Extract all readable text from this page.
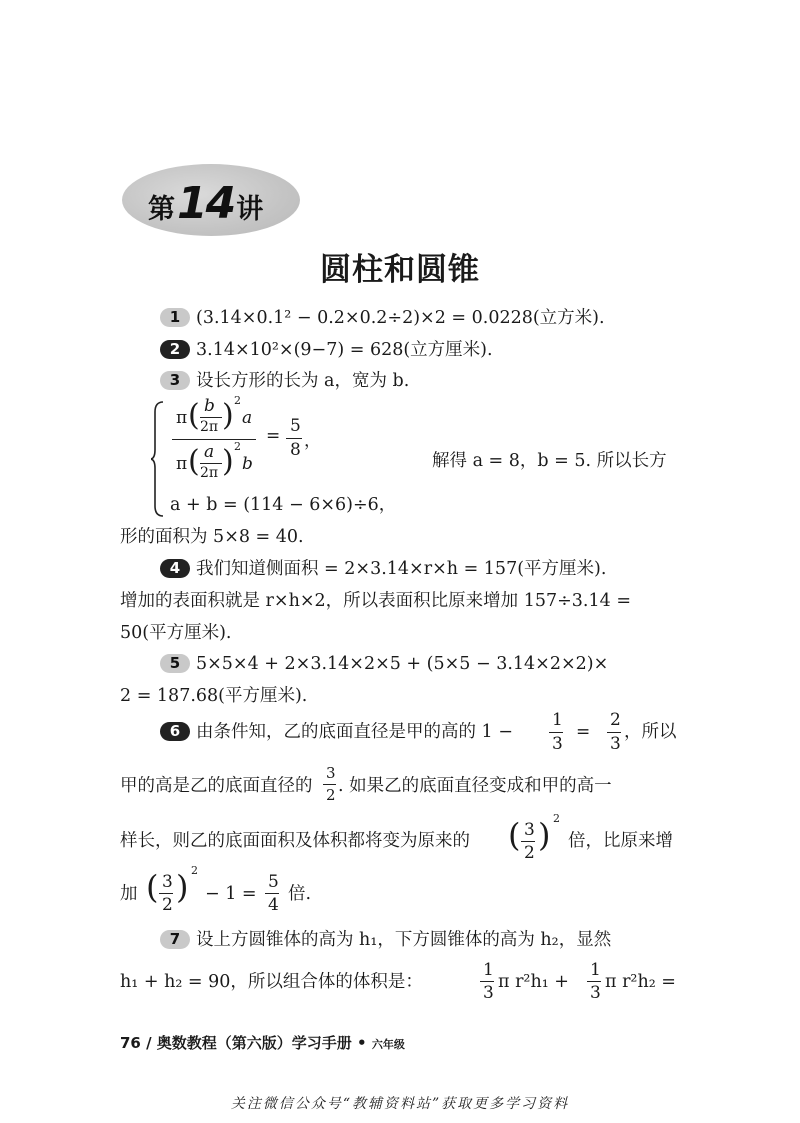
第 14 讲
圆柱和圆锥
1 (3.14×0.1² − 0.2×0.2÷2)×2 = 0.0228(立方米).
2 3.14×10²×(9−7) = 628(立方厘米).
3 设长方形的长为 a，宽为 b.
π ( b
2π ) 2
a
π ( a
2π ) 2
b
= 5
8 ，
解得 a = 8，b = 5. 所以长方
a + b = (114 − 6×6)÷6，
形的面积为 5×8 = 40.
4 我们知道侧面积 = 2×3.14×r×h = 157(平方厘米).
增加的表面积就是 r×h×2，所以表面积比原来增加 157÷3.14 =
50(平方厘米).
5 5×5×4 + 2×3.14×2×5 + (5×5 − 3.14×2×2)×
2 = 187.68(平方厘米).
6 由条件知，乙的底面直径是甲的高的 1 −
1
3
=
2
3
，所以
甲的高是乙的底面直径的
3
2 . 如果乙的底面直径变成和甲的高一
样长，则乙的底面面积及体积都将变为原来的 ( 3
2 ) 2
倍，比原来增
加 ( 3
2 ) 2
− 1 =
5
4
倍.
7 设上方圆锥体的高为 h₁，下方圆锥体的高为 h₂，显然
h₁ + h₂ = 90，所以组合体的体积是：
1
3
π r²h₁ +
1
3
π r²h₂ =
76 / 奥数教程（第六版）学习手册 • 六年级
关注微信公众号“教辅资料站”获取更多学习资料
